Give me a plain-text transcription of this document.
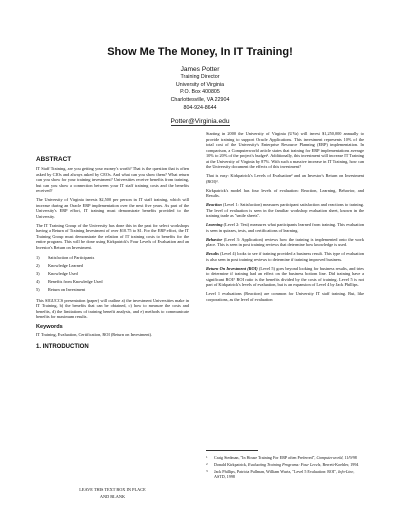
Show Me The Money, In IT Training!
James Potter
Training Director
University of Virginia
P.O. Box 400805
Charlottesville, VA 22904
804-924-8644
Potter@Virginia.edu
ABSTRACT

IT Staff Training, are you getting your money's worth? That is the question that is often asked by CIOs and always asked by CEOs. And what can you show them? What return can you show for your training investment? Universities receive benefits from training, but can you show a connection between your IT staff training costs and the benefits received?

The University of Virginia invests $2,500 per person in IT staff training, which will increase during an Oracle ERP implementation over the next five years. As part of the University's ERP effort, IT training must demonstrate benefits provided to the University.

The IT Training Group of the University has done this in the past for select workshops having a Return of Training Investment of over $10.75 to $1. For the ERP effort, the IT Training Group must demonstrate the relation of IT training costs to benefits for the entire program. This will be done using Kirkpatrick's Four Levels of Evaluation and an Investor's Return on Investment.

1)	Satisfaction of Participants
2)	Knowledge Learned
3)	Knowledge Used
4)	Benefits from Knowledge Used
5)	Return on Investment

This SIGUCCS presentation (paper) will outline a) the investment Universities make in IT Training, b) the benefits that can be obtained, c) how to measure the costs and benefits, d) the limitations of training benefit analysis, and e) methods to communicate benefits for maximum results.

Keywords

IT Training, Evaluation, Certification, ROI (Return on Investment).

1. INTRODUCTION
LEAVE THIS TEXT BOX IN PLACE
AND BLANK

Starting in 2000 the University of Virginia (UVa) will invest $1,250,000 annually to provide training to support Oracle Applications. This investment represents 10% of the total cost of the University's Enterprise Resource Planning (ERP) implementation. In comparison, a Computerworld article states that training for ERP implementations average 10% to 20% of the project's budget¹. Additionally, this investment will increase IT Training at the University of Virginia by 87%. With such a massive increase in IT Training, how can the University document the effects of this investment?

That is easy: Kirkpatrick's Levels of Evaluation² and an Investor's Return on Investment (ROI)³.

Kirkpatrick's model has four levels of evaluation: Reaction, Learning, Behavior, and Results.

Reaction (Level 1: Satisfaction) measures participant satisfaction and reactions to training. The level of evaluation is seen in the familiar workshop evaluation sheet, known in the training trade as "smile sheets".

Learning (Level 2: Test) measures what participants learned from training. This evaluation is seen in quizzes, tests, and certifications of learning.

Behavior (Level 3: Application) reviews how the training is implemented onto the work place. This is seen in post training reviews that determine how knowledge is used.

Results (Level 4) looks to see if training provided a business result. This type of evaluation is also seen in post training reviews to determine if training improved business.

Return On Investment (ROI) (Level 5) goes beyond looking for business results, and tries to determine if training had an effect on the business bottom line. Did training have a significant ROI? ROI ratio is the benefits divided by the costs of training. Level 5 is not part of Kirkpatrick's levels of evaluation, but is an expansion of Level 4 by Jack Phillips.

Level 1 evaluations (Reaction) are common for University IT staff training. But, like corporations, as the level of evaluation

1	Craig Stedman, "In House Training For ERP often Preferred", Computerworld, 11/9/98
2	Donald Kirkpatrick, Evaluating Training Programs: Four Levels, Berrett-Koehler, 1994
3	Jack Phillips, Patricia Pullman, William Wurtz, "Level 5 Evaluation: ROI", Info-Line, ASTD, 1998
